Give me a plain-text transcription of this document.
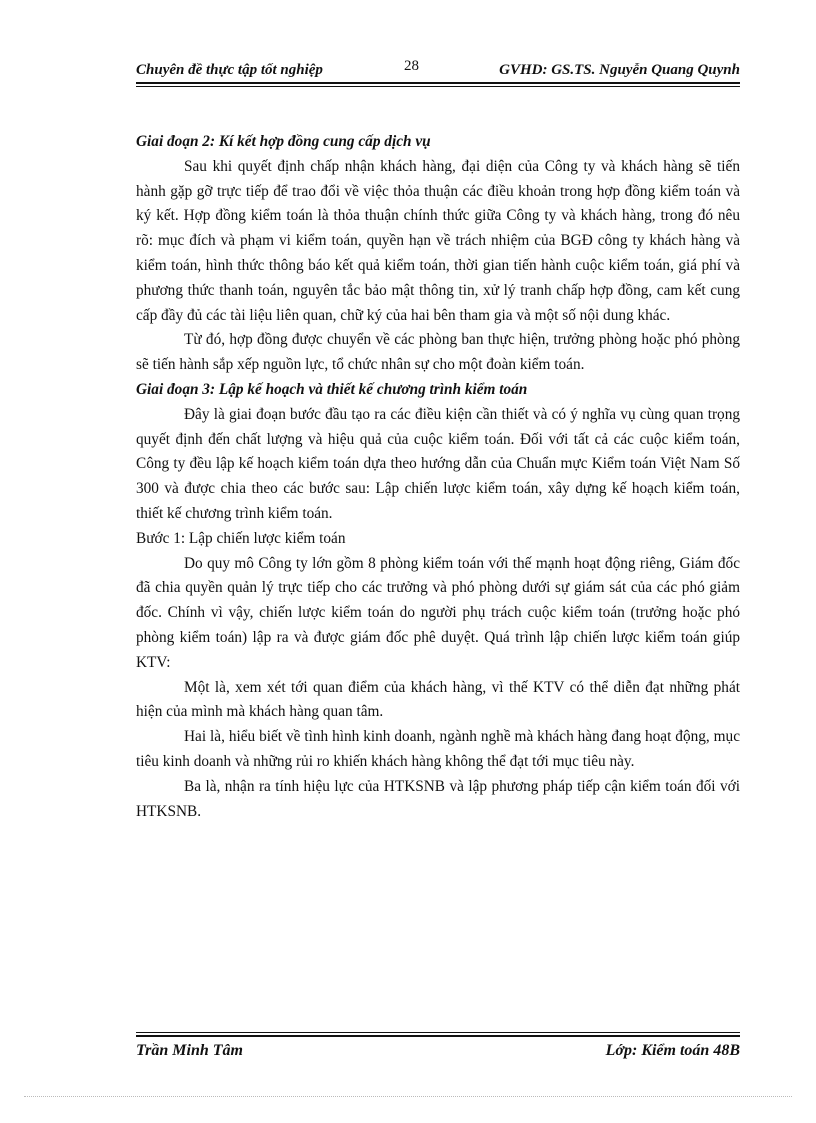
Chuyên đề thực tập tốt nghiệp	28	GVHD: GS.TS. Nguyễn Quang Quynh

Giai đoạn 2: Kí kết hợp đồng cung cấp dịch vụ

Sau khi quyết định chấp nhận khách hàng, đại diện của Công ty và khách hàng sẽ tiến hành gặp gỡ trực tiếp để trao đổi về việc thỏa thuận các điều khoản trong hợp đồng kiểm toán và ký kết. Hợp đồng kiểm toán là thỏa thuận chính thức giữa Công ty và khách hàng, trong đó nêu rõ: mục đích và phạm vi kiểm toán, quyền hạn về trách nhiệm của BGĐ công ty khách hàng và kiểm toán, hình thức thông báo kết quả kiểm toán, thời gian tiến hành cuộc kiểm toán, giá phí và phương thức thanh toán, nguyên tắc bảo mật thông tin, xử lý tranh chấp hợp đồng, cam kết cung cấp đầy đủ các tài liệu liên quan, chữ ký của hai bên tham gia và một số nội dung khác.

Từ đó, hợp đồng được chuyển về các phòng ban thực hiện, trưởng phòng hoặc phó phòng sẽ tiến hành sắp xếp nguồn lực, tổ chức nhân sự cho một đoàn kiểm toán.

Giai đoạn 3: Lập kế hoạch và thiết kế chương trình kiểm toán

Đây là giai đoạn bước đầu tạo ra các điều kiện cần thiết và có ý nghĩa vụ cùng quan trọng quyết định đến chất lượng và hiệu quả của cuộc kiểm toán. Đối với tất cả các cuộc kiểm toán, Công ty đều lập kế hoạch kiểm toán dựa theo hướng dẫn của Chuẩn mực Kiểm toán Việt Nam Số 300 và được chia theo các bước sau: Lập chiến lược kiểm toán, xây dựng kế hoạch kiểm toán, thiết kế chương trình kiểm toán.

Bước 1: Lập chiến lược kiểm toán

Do quy mô Công ty lớn gồm 8 phòng kiểm toán với thế mạnh hoạt động riêng, Giám đốc đã chia quyền quản lý trực tiếp cho các trưởng và phó phòng dưới sự giám sát của các phó giảm đốc. Chính vì vậy, chiến lược kiểm toán do người phụ trách cuộc kiểm toán (trưởng hoặc phó phòng kiểm toán) lập ra và được giám đốc phê duyệt. Quá trình lập chiến lược kiểm toán giúp KTV:

Một là, xem xét tới quan điểm của khách hàng, vì thế KTV có thể diễn đạt những phát hiện của mình mà khách hàng quan tâm.

Hai là, hiểu biết về tình hình kinh doanh, ngành nghề mà khách hàng đang hoạt động, mục tiêu kinh doanh và những rủi ro khiến khách hàng không thể đạt tới mục tiêu này.

Ba là, nhận ra tính hiệu lực của HTKSNB và lập phương pháp tiếp cận kiểm toán đối với HTKSNB.

Trần Minh Tâm	Lớp: Kiểm toán 48B
